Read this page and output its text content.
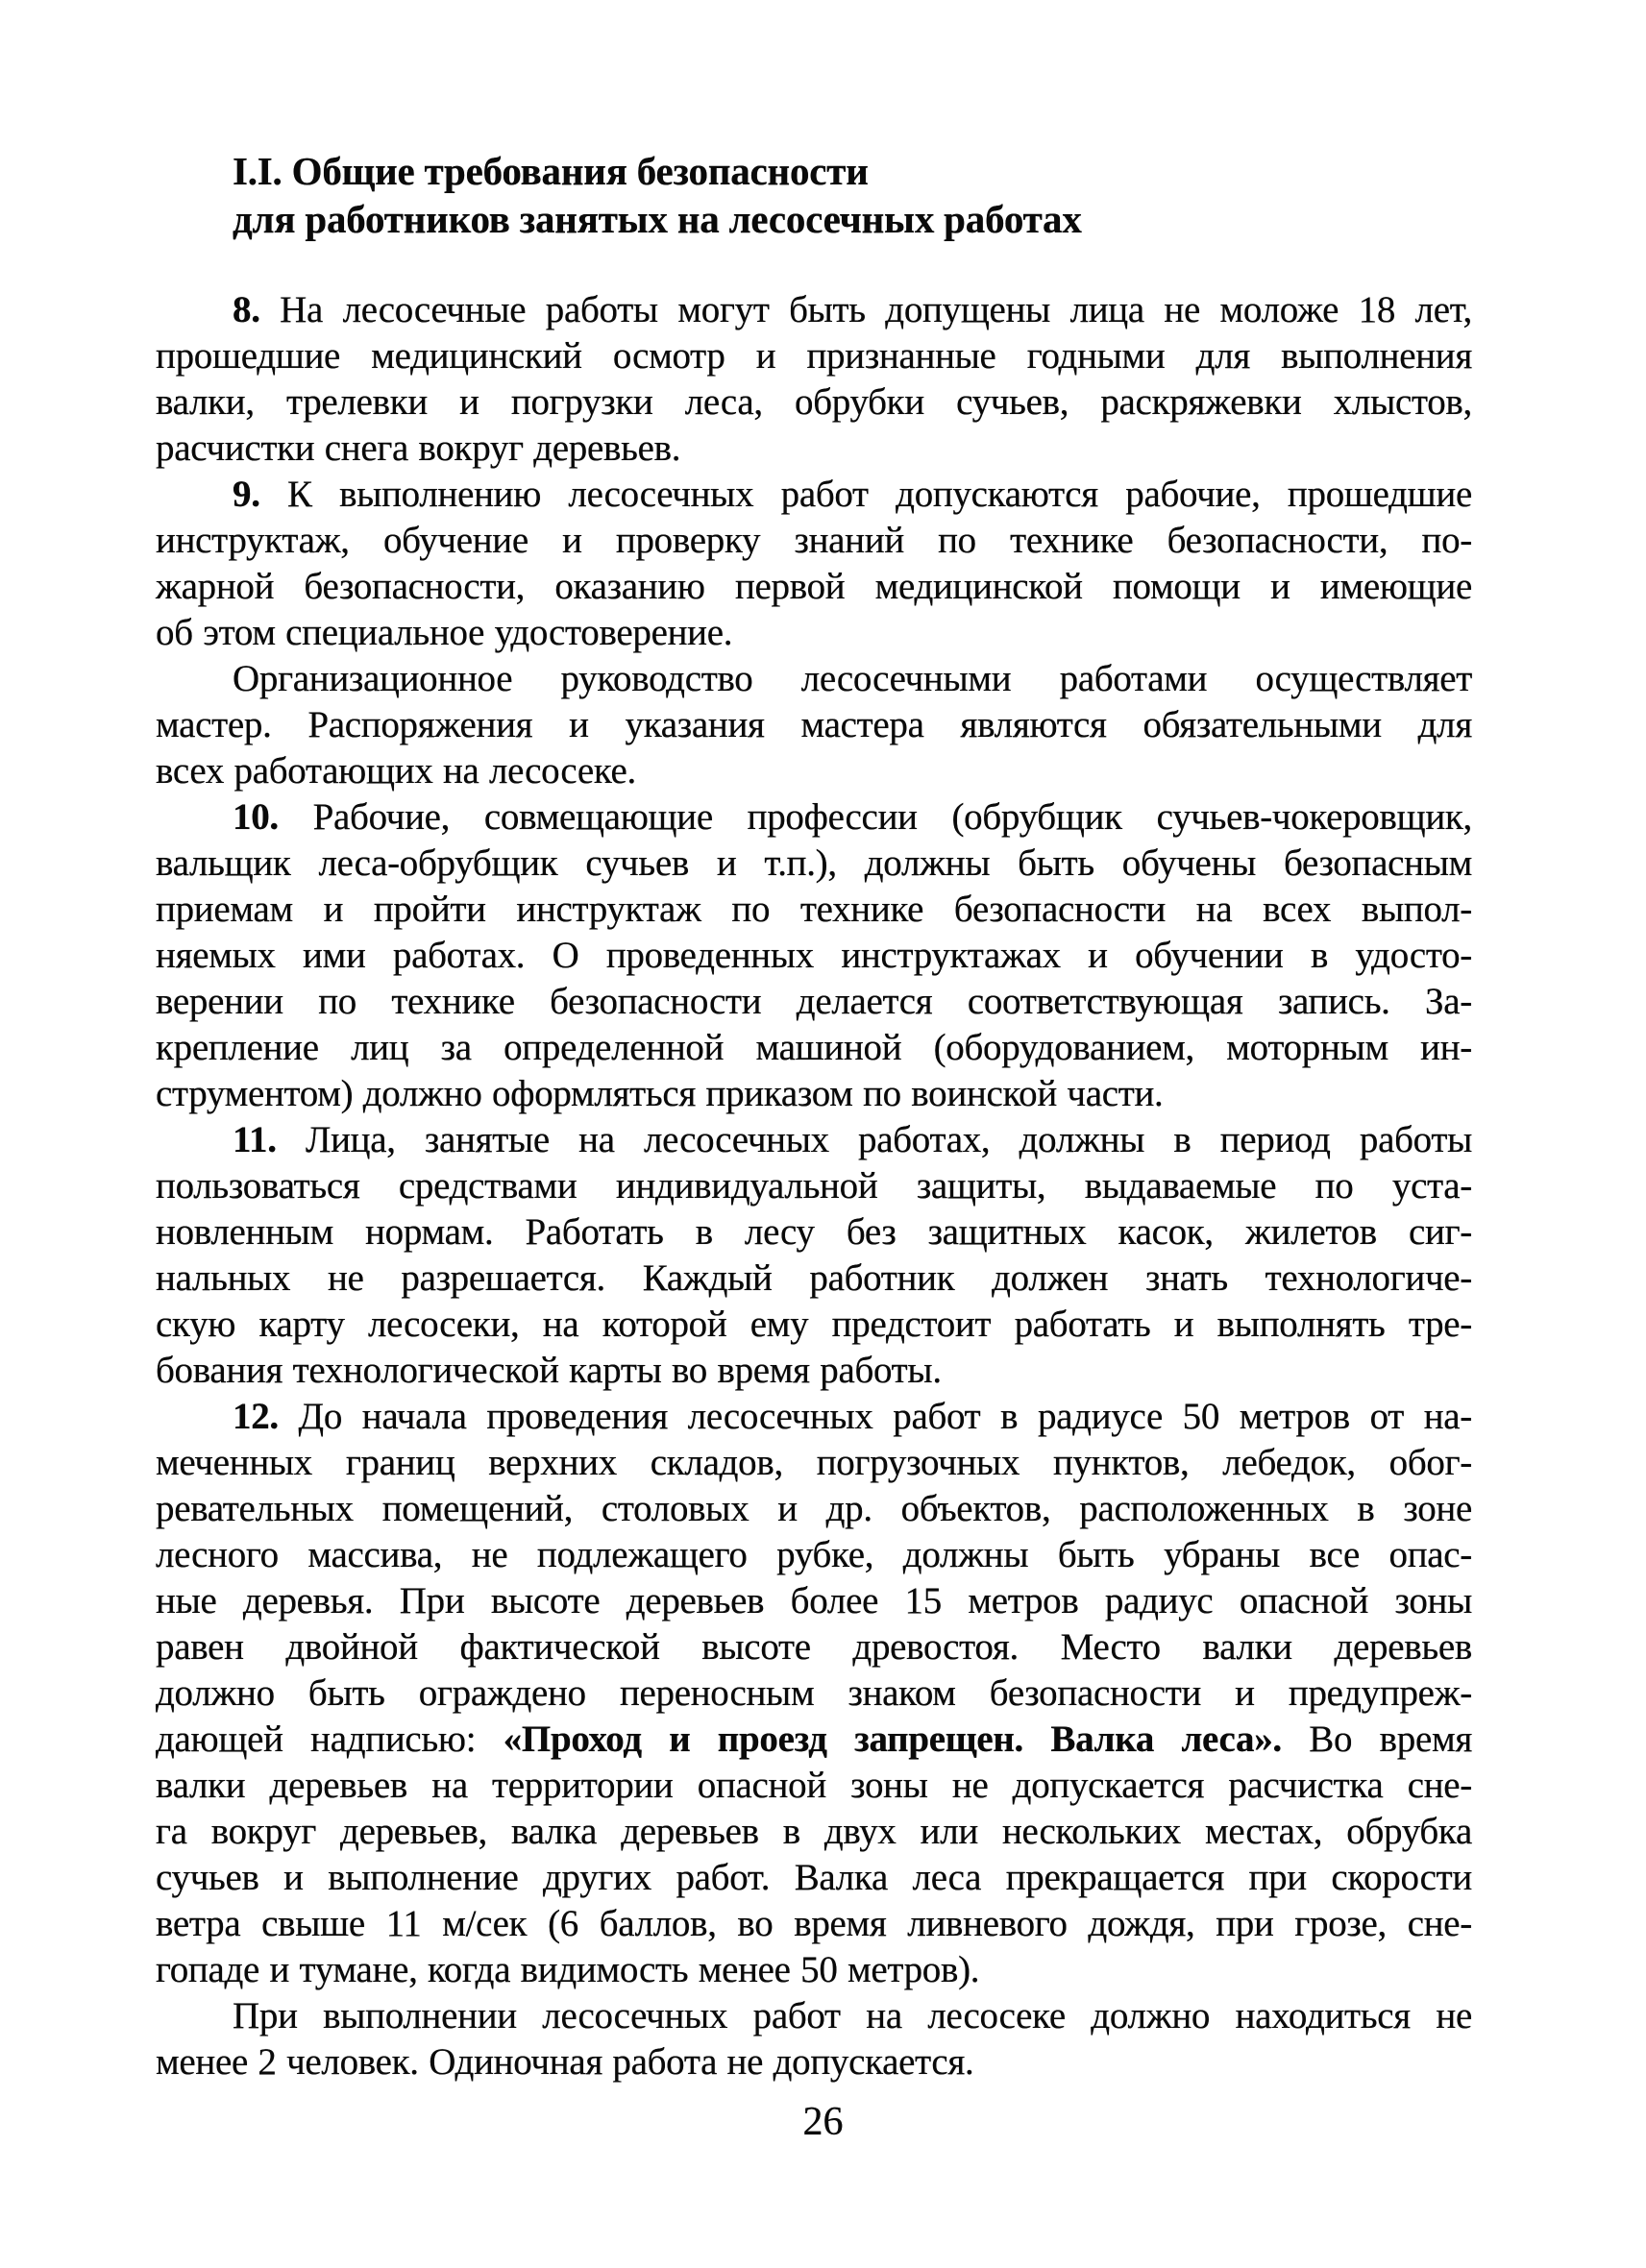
I.I. Общие требования безопасности
для работников занятых на лесосечных работах
8. На лесосечные работы могут быть допущены лица не моложе 18 лет,
прошедшие медицинский осмотр и признанные годными для выполнения
валки, трелевки и погрузки леса, обрубки сучьев, раскряжевки хлыстов,
расчистки снега вокруг деревьев.
9. К выполнению лесосечных работ допускаются рабочие, прошедшие
инструктаж, обучение и проверку знаний по технике безопасности, по-
жарной безопасности, оказанию первой медицинской помощи и имеющие
об этом специальное удостоверение.
Организационное руководство лесосечными работами осуществляет
мастер. Распоряжения и указания мастера являются обязательными для
всех работающих на лесосеке.
10. Рабочие, совмещающие профессии (обрубщик сучьев-чокеровщик,
вальщик леса-обрубщик сучьев и т.п.), должны быть обучены безопасным
приемам и пройти инструктаж по технике безопасности на всех выпол-
няемых ими работах. О проведенных инструктажах и обучении в удосто-
верении по технике безопасности делается соответствующая запись. За-
крепление лиц за определенной машиной (оборудованием, моторным ин-
струментом) должно оформляться приказом по воинской части.
11. Лица, занятые на лесосечных работах, должны в период работы
пользоваться средствами индивидуальной защиты, выдаваемые по уста-
новленным нормам. Работать в лесу без защитных касок, жилетов сиг-
нальных не разрешается. Каждый работник должен знать технологиче-
скую карту лесосеки, на которой ему предстоит работать и выполнять тре-
бования технологической карты во время работы.
12. До начала проведения лесосечных работ в радиусе 50 метров от на-
меченных границ верхних складов, погрузочных пунктов, лебедок, обог-
ревательных помещений, столовых и др. объектов, расположенных в зоне
лесного массива, не подлежащего рубке, должны быть убраны все опас-
ные деревья. При высоте деревьев более 15 метров радиус опасной зоны
равен двойной фактической высоте древостоя. Место валки деревьев
должно быть ограждено переносным знаком безопасности и предупреж-
дающей надписью: «Проход и проезд запрещен. Валка леса». Во время
валки деревьев на территории опасной зоны не допускается расчистка сне-
га вокруг деревьев, валка деревьев в двух или нескольких местах, обрубка
сучьев и выполнение других работ. Валка леса прекращается при скорости
ветра свыше 11 м/сек (6 баллов, во время ливневого дождя, при грозе, сне-
гопаде и тумане, когда видимость менее 50 метров).
При выполнении лесосечных работ на лесосеке должно находиться не
менее 2 человек. Одиночная работа не допускается.
26
